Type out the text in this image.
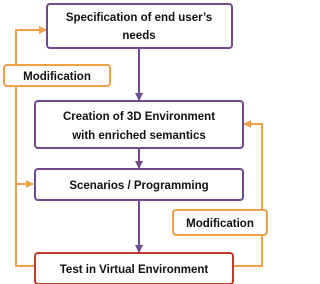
Specification of end user’s
needs
Modification
Creation of 3D Environment
with enriched semantics
Scenarios / Programming
Modification
Test in Virtual Environment
